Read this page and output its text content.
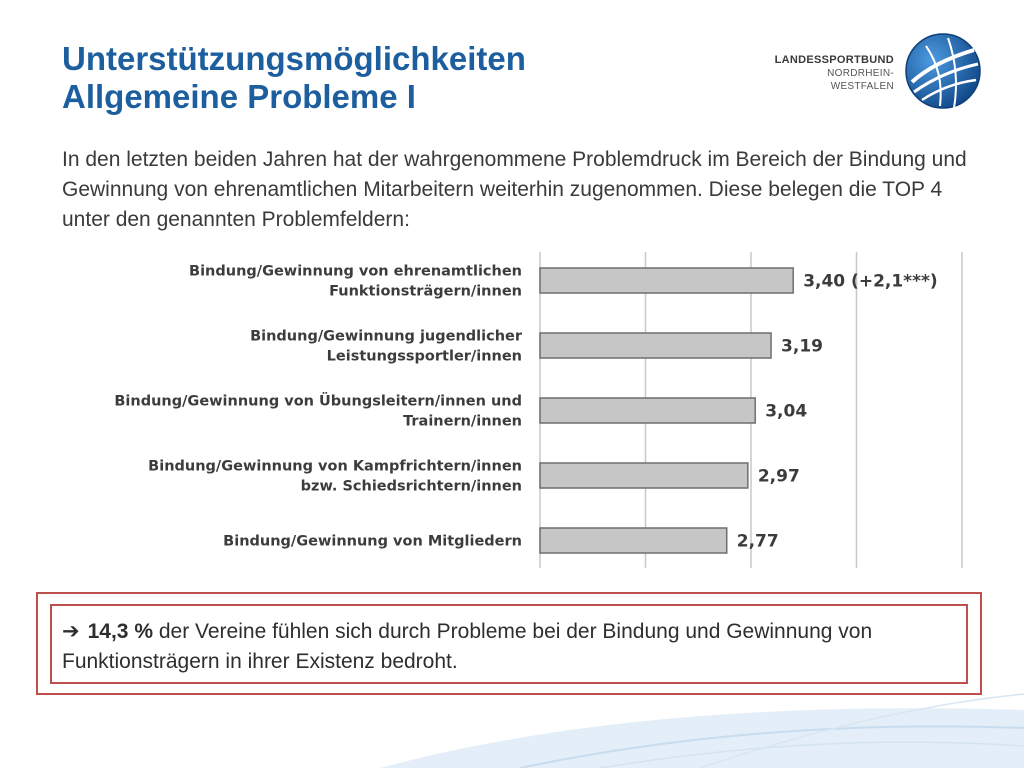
Unterstützungsmöglichkeiten
Allgemeine Probleme I
LANDESSPORTBUND
NORDRHEIN-WESTFALEN

In den letzten beiden Jahren hat der wahrgenommene Problemdruck im Bereich der Bindung und Gewinnung von ehrenamtlichen Mitarbeitern weiterhin zugenommen. Diese belegen die TOP 4 unter den genannten Problemfeldern:

Bindung/Gewinnung von ehrenamtlichen
Funktionsträgern/innen
Bindung/Gewinnung jugendlicher
Leistungssportler/innen
Bindung/Gewinnung von Übungsleitern/innen und
Trainern/innen
Bindung/Gewinnung von Kampfrichtern/innen
bzw. Schiedsrichtern/innen
Bindung/Gewinnung von Mitgliedern
3,40 (+2,1***)
3,19
3,04
2,97
2,77

➔ 14,3 % der Vereine fühlen sich durch Probleme bei der Bindung und Gewinnung von Funktionsträgern in ihrer Existenz bedroht.
